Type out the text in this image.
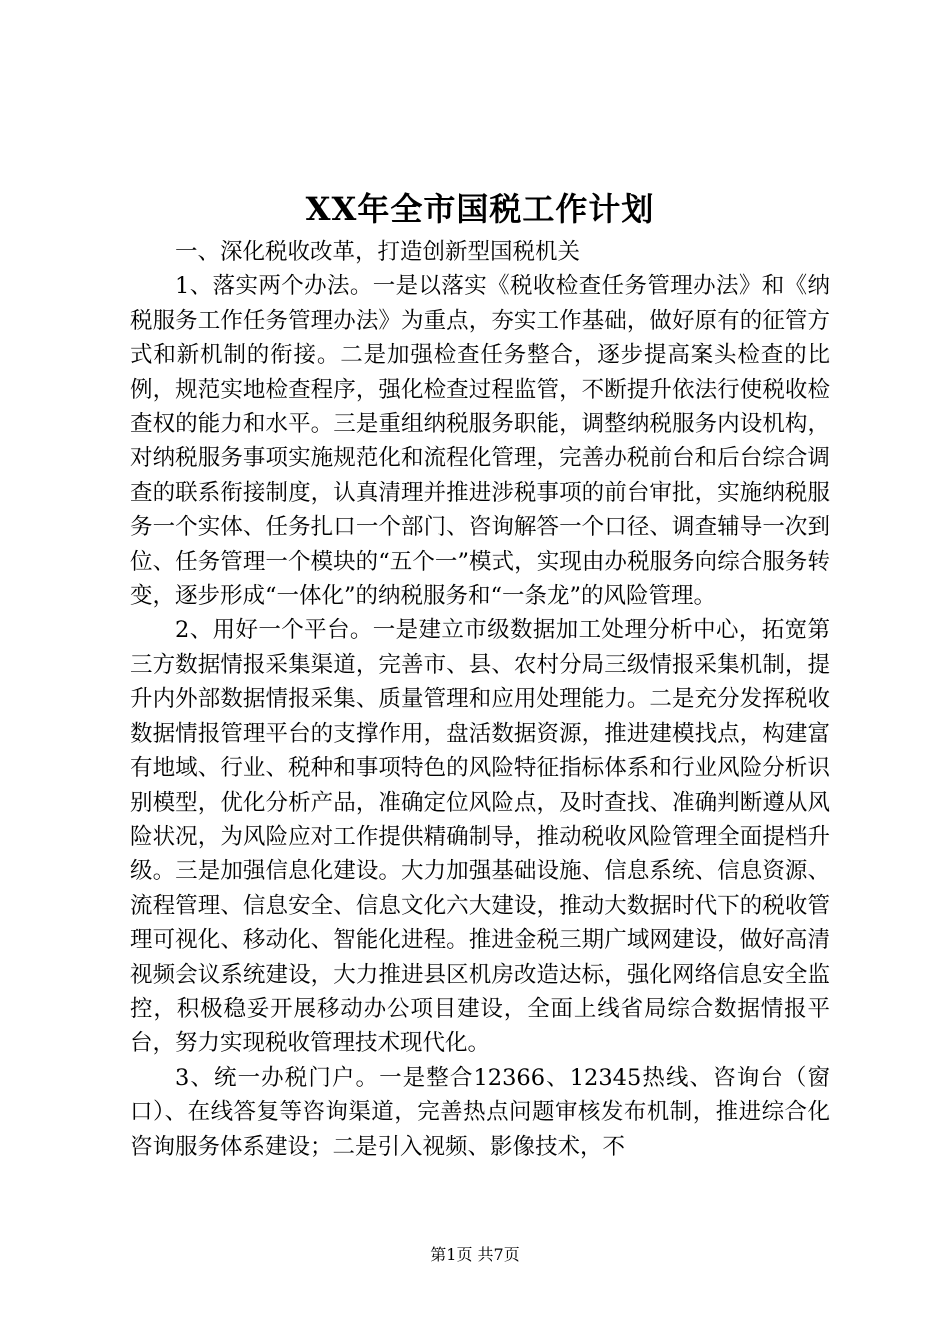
XX年全市国税工作计划

一、深化税收改革，打造创新型国税机关

1、落实两个办法。一是以落实《税收检查任务管理办法》和《纳税服务工作任务管理办法》为重点，夯实工作基础，做好原有的征管方式和新机制的衔接。二是加强检查任务整合，逐步提高案头检查的比例，规范实地检查程序，强化检查过程监管，不断提升依法行使税收检查权的能力和水平。三是重组纳税服务职能，调整纳税服务内设机构，对纳税服务事项实施规范化和流程化管理，完善办税前台和后台综合调查的联系衔接制度，认真清理并推进涉税事项的前台审批，实施纳税服务一个实体、任务扎口一个部门、咨询解答一个口径、调查辅导一次到位、任务管理一个模块的“五个一”模式，实现由办税服务向综合服务转变，逐步形成“一体化”的纳税服务和“一条龙”的风险管理。

2、用好一个平台。一是建立市级数据加工处理分析中心，拓宽第三方数据情报采集渠道，完善市、县、农村分局三级情报采集机制，提升内外部数据情报采集、质量管理和应用处理能力。二是充分发挥税收数据情报管理平台的支撑作用，盘活数据资源，推进建模找点，构建富有地域、行业、税种和事项特色的风险特征指标体系和行业风险分析识别模型，优化分析产品，准确定位风险点，及时查找、准确判断遵从风险状况，为风险应对工作提供精确制导，推动税收风险管理全面提档升级。三是加强信息化建设。大力加强基础设施、信息系统、信息资源、流程管理、信息安全、信息文化六大建设，推动大数据时代下的税收管理可视化、移动化、智能化进程。推进金税三期广域网建设，做好高清视频会议系统建设，大力推进县区机房改造达标，强化网络信息安全监控，积极稳妥开展移动办公项目建设，全面上线省局综合数据情报平台，努力实现税收管理技术现代化。

3、统一办税门户。一是整合12366、12345热线、咨询台（窗口）、在线答复等咨询渠道，完善热点问题审核发布机制，推进综合化咨询服务体系建设；二是引入视频、影像技术，不

第1页 共7页
